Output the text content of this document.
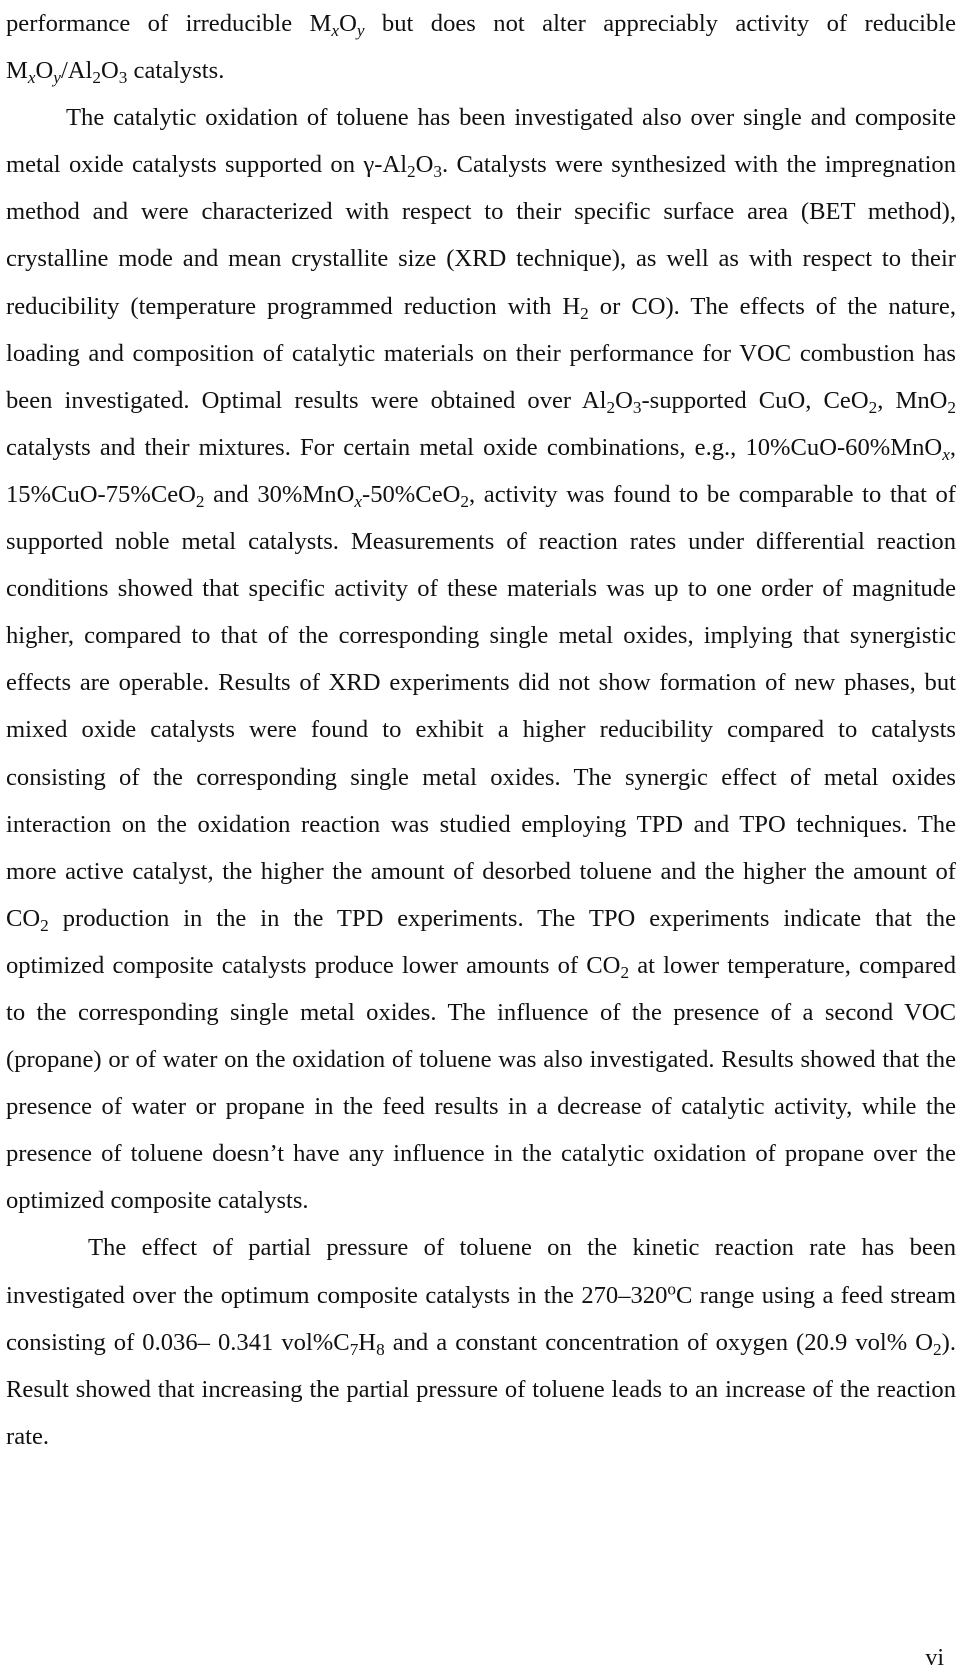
performance of irreducible $M_xO_y$ but does not alter appreciably activity of reducible $M_xO_y/Al_2O_3$ catalysts.

The catalytic oxidation of toluene has been investigated also over single and composite metal oxide catalysts supported on $\gamma-Al_2O_3$. Catalysts were synthesized with the impregnation method and were characterized with respect to their specific surface area (BET method), crystalline mode and mean crystallite size (XRD technique), as well as with respect to their reducibility (temperature programmed reduction with $H_2$ or CO). The effects of the nature, loading and composition of catalytic materials on their performance for VOC combustion has been investigated. Optimal results were obtained over $Al_2O_3$-supported CuO, CeO$_2$, MnO$_2$ catalysts and their mixtures. For certain metal oxide combinations, e.g., 10%CuO-60%MnO$_x$, 15%CuO-75%CeO$_2$ and 30%MnO$_x$-50%CeO$_2$, activity was found to be comparable to that of supported noble metal catalysts. Measurements of reaction rates under differential reaction conditions showed that specific activity of these materials was up to one order of magnitude higher, compared to that of the corresponding single metal oxides, implying that synergistic effects are operable. Results of XRD experiments did not show formation of new phases, but mixed oxide catalysts were found to exhibit a higher reducibility compared to catalysts consisting of the corresponding single metal oxides. The synergic effect of metal oxides interaction on the oxidation reaction was studied employing TPD and TPO techniques. The more active catalyst, the higher the amount of desorbed toluene and the higher the amount of $CO_2$ production in the in the TPD experiments. The TPO experiments indicate that the optimized composite catalysts produce lower amounts of $CO_2$ at lower temperature, compared to the corresponding single metal oxides. The influence of the presence of a second VOC (propane) or of water on the oxidation of toluene was also investigated. Results showed that the presence of water or propane in the feed results in a decrease of catalytic activity, while the presence of toluene doesn’t have any influence in the catalytic oxidation of propane over the optimized composite catalysts.

The effect of partial pressure of toluene on the kinetic reaction rate has been investigated over the optimum composite catalysts in the 270–320$^o$C range using a feed stream consisting of 0.036– 0.341 $vol\%C_7H_8$ and a constant concentration of oxygen (20.9 vol% $O_2$). Result showed that increasing the partial pressure of toluene leads to an increase of the reaction rate.

vi
